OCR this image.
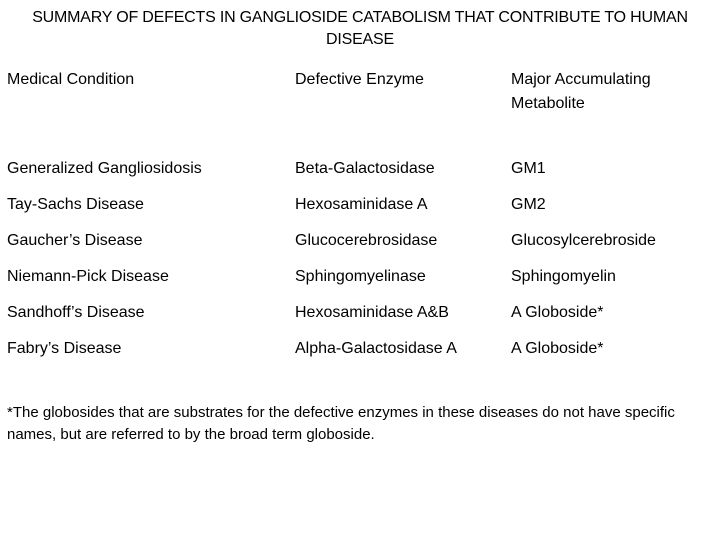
SUMMARY OF DEFECTS IN GANGLIOSIDE CATABOLISM THAT CONTRIBUTE TO HUMAN DISEASE
Medical Condition	Defective Enzyme	Major Accumulating Metabolite
Generalized Gangliosidosis	Beta-Galactosidase	GM1
Tay-Sachs Disease	Hexosaminidase A	GM2
Gaucher’s Disease	Glucocerebrosidase	Glucosylcerebroside
Niemann-Pick Disease	Sphingomyelinase	Sphingomyelin
Sandhoff’s Disease	Hexosaminidase A&B	A Globoside*
Fabry’s Disease	Alpha-Galactosidase A	A Globoside*
*The globosides that are substrates for the defective enzymes in these diseases do not have specific names, but are referred to by the broad term globoside.
